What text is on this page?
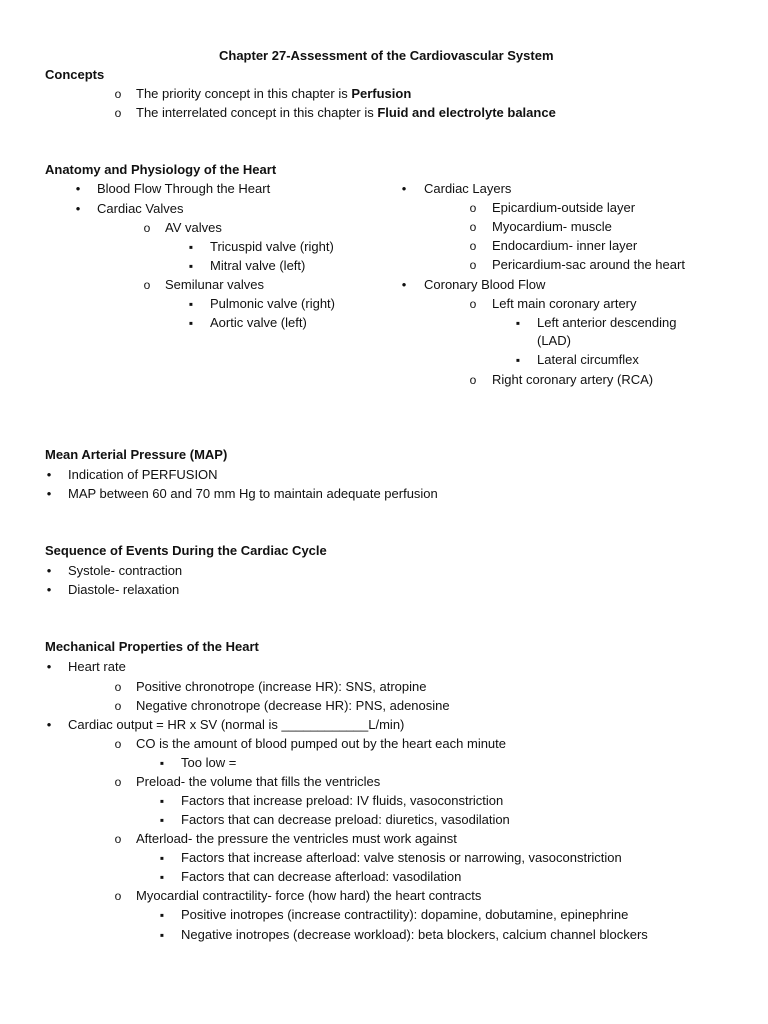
Chapter 27-Assessment of the Cardiovascular System
Concepts
o
The priority concept in this chapter is Perfusion
o
The interrelated concept in this chapter is Fluid and electrolyte balance
Anatomy and Physiology of the Heart
•
Blood Flow Through the Heart
•
Cardiac Valves
o
AV valves
▪
Tricuspid valve (right)
▪
Mitral valve (left)
o
Semilunar valves
▪
Pulmonic valve (right)
▪
Aortic valve (left)
•
Cardiac Layers
o
Epicardium-outside layer
o
Myocardium- muscle
o
Endocardium- inner layer
o
Pericardium-sac around the heart
•
Coronary Blood Flow
o
Left main coronary artery
▪
Left anterior descending
(LAD)
▪
Lateral circumflex
o
Right coronary artery (RCA)
Mean Arterial Pressure (MAP)
•
Indication of PERFUSION
•
MAP between 60 and 70 mm Hg to maintain adequate perfusion
Sequence of Events During the Cardiac Cycle
•
Systole- contraction
•
Diastole- relaxation
Mechanical Properties of the Heart
•
Heart rate
o
Positive chronotrope (increase HR): SNS, atropine
o
Negative chronotrope (decrease HR): PNS, adenosine
•
Cardiac output = HR x SV (normal is ____________L/min)
o
CO is the amount of blood pumped out by the heart each minute
▪
Too low =
o
Preload- the volume that fills the ventricles
▪
Factors that increase preload: IV fluids, vasoconstriction
▪
Factors that can decrease preload: diuretics, vasodilation
o
Afterload- the pressure the ventricles must work against
▪
Factors that increase afterload: valve stenosis or narrowing, vasoconstriction
▪
Factors that can decrease afterload: vasodilation
o
Myocardial contractility- force (how hard) the heart contracts
▪
Positive inotropes (increase contractility): dopamine, dobutamine, epinephrine
▪
Negative inotropes (decrease workload): beta blockers, calcium channel blockers
